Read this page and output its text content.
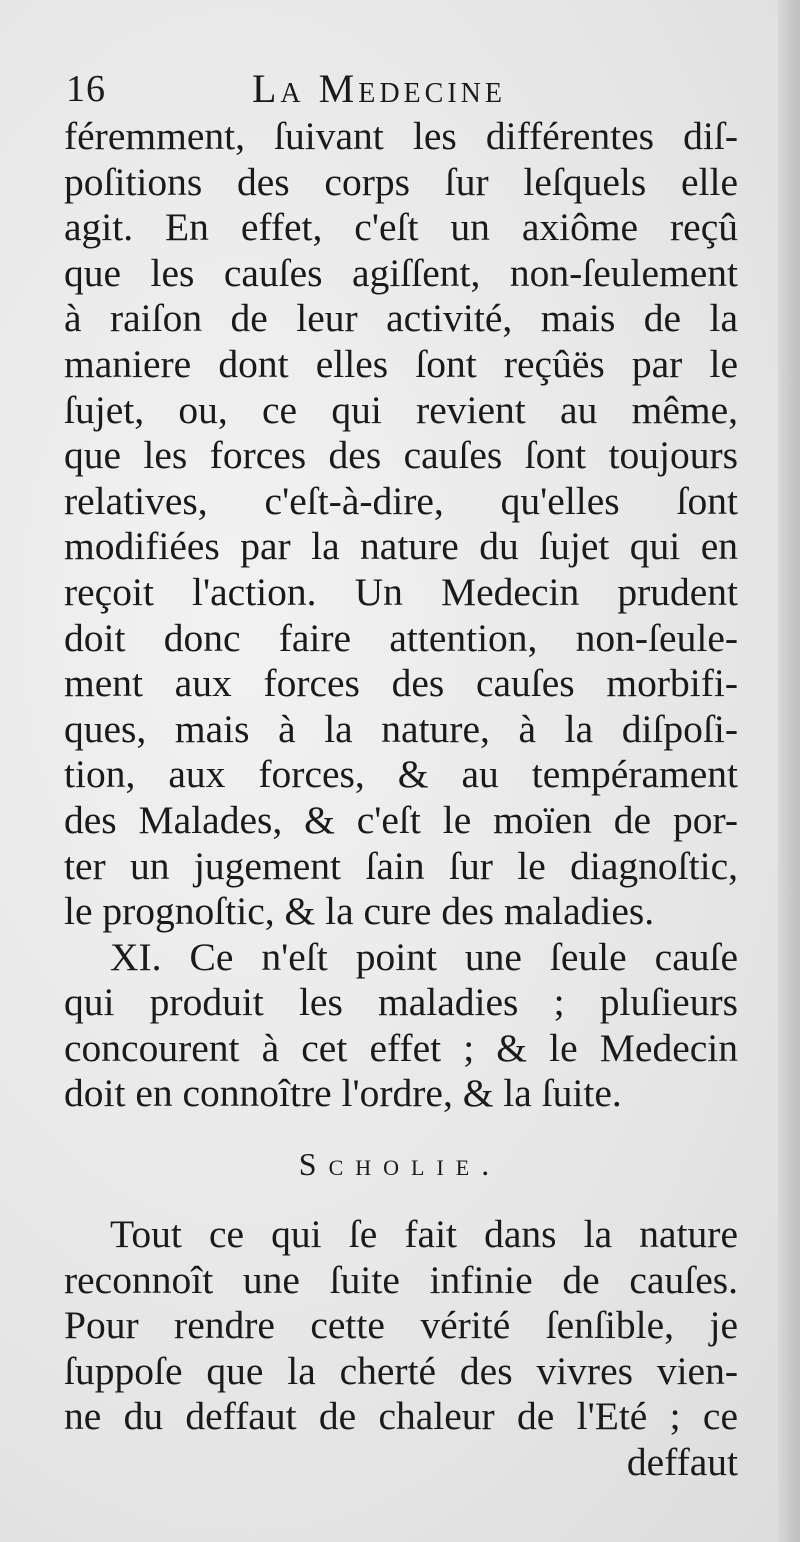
16	La Medecine
féremment, ſuivant les différentes diſ-
poſitions des corps ſur leſquels elle
agit. En effet, c'eſt un axiôme reçû
que les cauſes agiſſent, non-ſeulement
à raiſon de leur activité, mais de la
maniere dont elles ſont reçûës par le
ſujet, ou, ce qui revient au même,
que les forces des cauſes ſont toujours
relatives, c'eſt-à-dire, qu'elles ſont
modifiées par la nature du ſujet qui en
reçoit l'action. Un Medecin prudent
doit donc faire attention, non-ſeule-
ment aux forces des cauſes morbifi-
ques, mais à la nature, à la diſpoſi-
tion, aux forces, & au tempérament
des Malades, & c'eſt le moïen de por-
ter un jugement ſain ſur le diagnoſtic,
le prognoſtic, & la cure des maladies.
XI. Ce n'eſt point une ſeule cauſe
qui produit les maladies ; pluſieurs
concourent à cet effet ; & le Medecin
doit en connoître l'ordre, & la ſuite.
Scholie.
Tout ce qui ſe fait dans la nature
reconnoît une ſuite infinie de cauſes.
Pour rendre cette vérité ſenſible, je
ſuppoſe que la cherté des vivres vien-
ne du deffaut de chaleur de l'Eté ; ce
deffaut
